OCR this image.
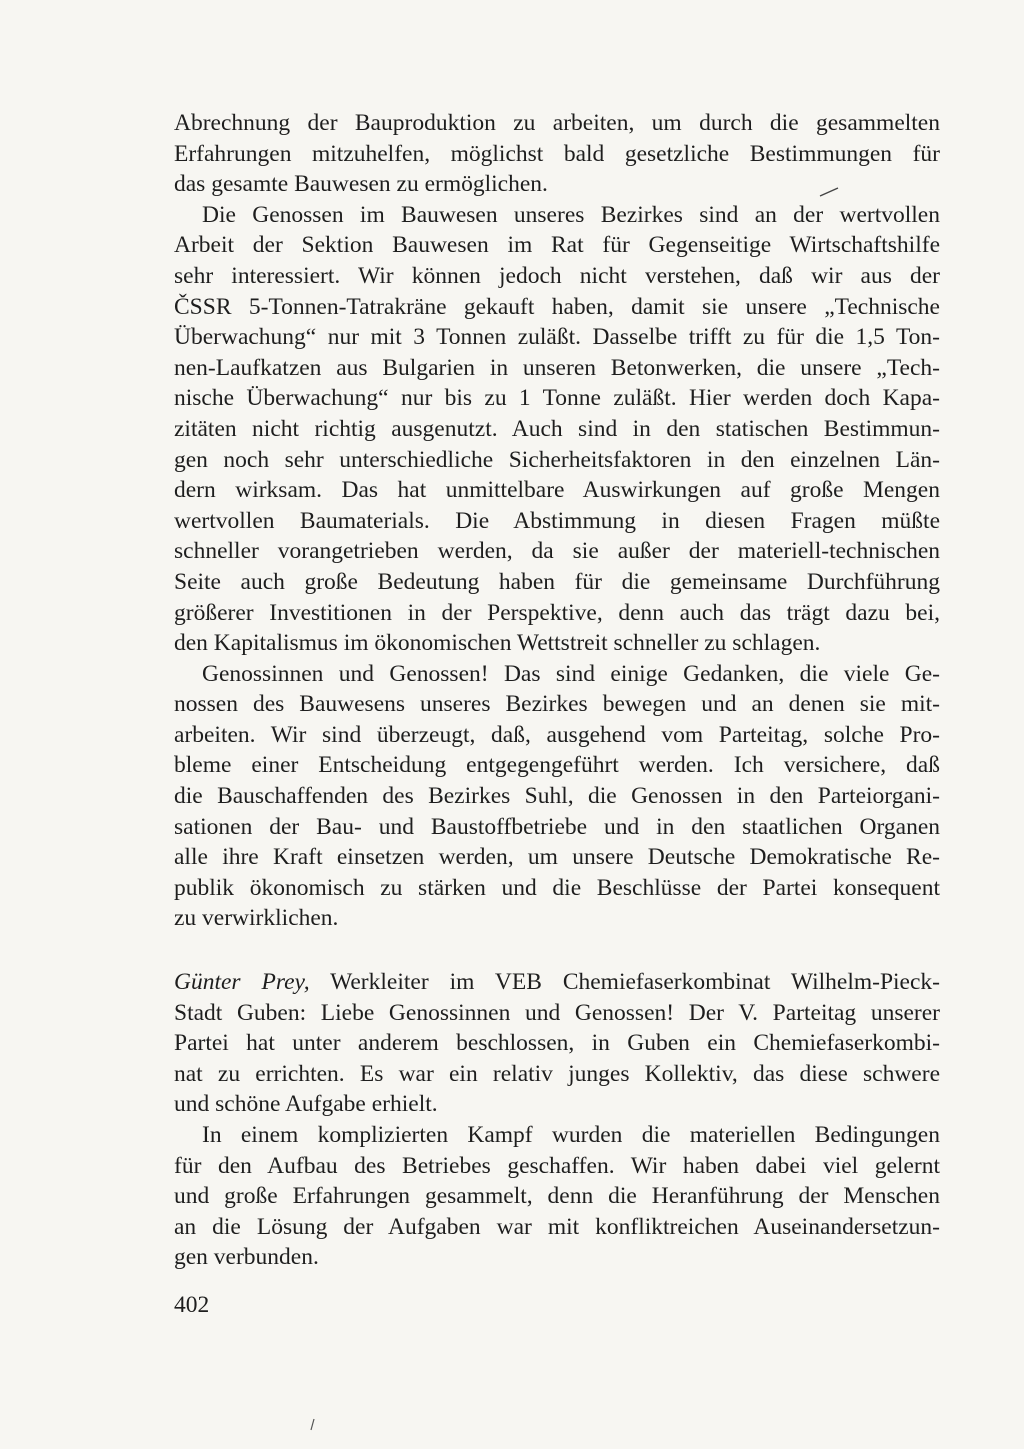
Abrechnung der Bauproduktion zu arbeiten, um durch die gesammelten
Erfahrungen mitzuhelfen, möglichst bald gesetzliche Bestimmungen für
das gesamte Bauwesen zu ermöglichen.
Die Genossen im Bauwesen unseres Bezirkes sind an der wertvollen
Arbeit der Sektion Bauwesen im Rat für Gegenseitige Wirtschaftshilfe
sehr interessiert. Wir können jedoch nicht verstehen, daß wir aus der
ČSSR 5-Tonnen-Tatrakräne gekauft haben, damit sie unsere „Technische
Überwachung“ nur mit 3 Tonnen zuläßt. Dasselbe trifft zu für die 1,5 Ton-
nen-Laufkatzen aus Bulgarien in unseren Betonwerken, die unsere „Tech-
nische Überwachung“ nur bis zu 1 Tonne zuläßt. Hier werden doch Kapa-
zitäten nicht richtig ausgenutzt. Auch sind in den statischen Bestimmun-
gen noch sehr unterschiedliche Sicherheitsfaktoren in den einzelnen Län-
dern wirksam. Das hat unmittelbare Auswirkungen auf große Mengen
wertvollen Baumaterials. Die Abstimmung in diesen Fragen müßte
schneller vorangetrieben werden, da sie außer der materiell-technischen
Seite auch große Bedeutung haben für die gemeinsame Durchführung
größerer Investitionen in der Perspektive, denn auch das trägt dazu bei,
den Kapitalismus im ökonomischen Wettstreit schneller zu schlagen.
Genossinnen und Genossen! Das sind einige Gedanken, die viele Ge-
nossen des Bauwesens unseres Bezirkes bewegen und an denen sie mit-
arbeiten. Wir sind überzeugt, daß, ausgehend vom Parteitag, solche Pro-
bleme einer Entscheidung entgegengeführt werden. Ich versichere, daß
die Bauschaffenden des Bezirkes Suhl, die Genossen in den Parteiorgani-
sationen der Bau- und Baustoffbetriebe und in den staatlichen Organen
alle ihre Kraft einsetzen werden, um unsere Deutsche Demokratische Re-
publik ökonomisch zu stärken und die Beschlüsse der Partei konsequent
zu verwirklichen.
Günter Prey, Werkleiter im VEB Chemiefaserkombinat Wilhelm-Pieck-
Stadt Guben: Liebe Genossinnen und Genossen! Der V. Parteitag unserer
Partei hat unter anderem beschlossen, in Guben ein Chemiefaserkombi-
nat zu errichten. Es war ein relativ junges Kollektiv, das diese schwere
und schöne Aufgabe erhielt.
In einem komplizierten Kampf wurden die materiellen Bedingungen
für den Aufbau des Betriebes geschaffen. Wir haben dabei viel gelernt
und große Erfahrungen gesammelt, denn die Heranführung der Menschen
an die Lösung der Aufgaben war mit konfliktreichen Auseinandersetzun-
gen verbunden.
402
